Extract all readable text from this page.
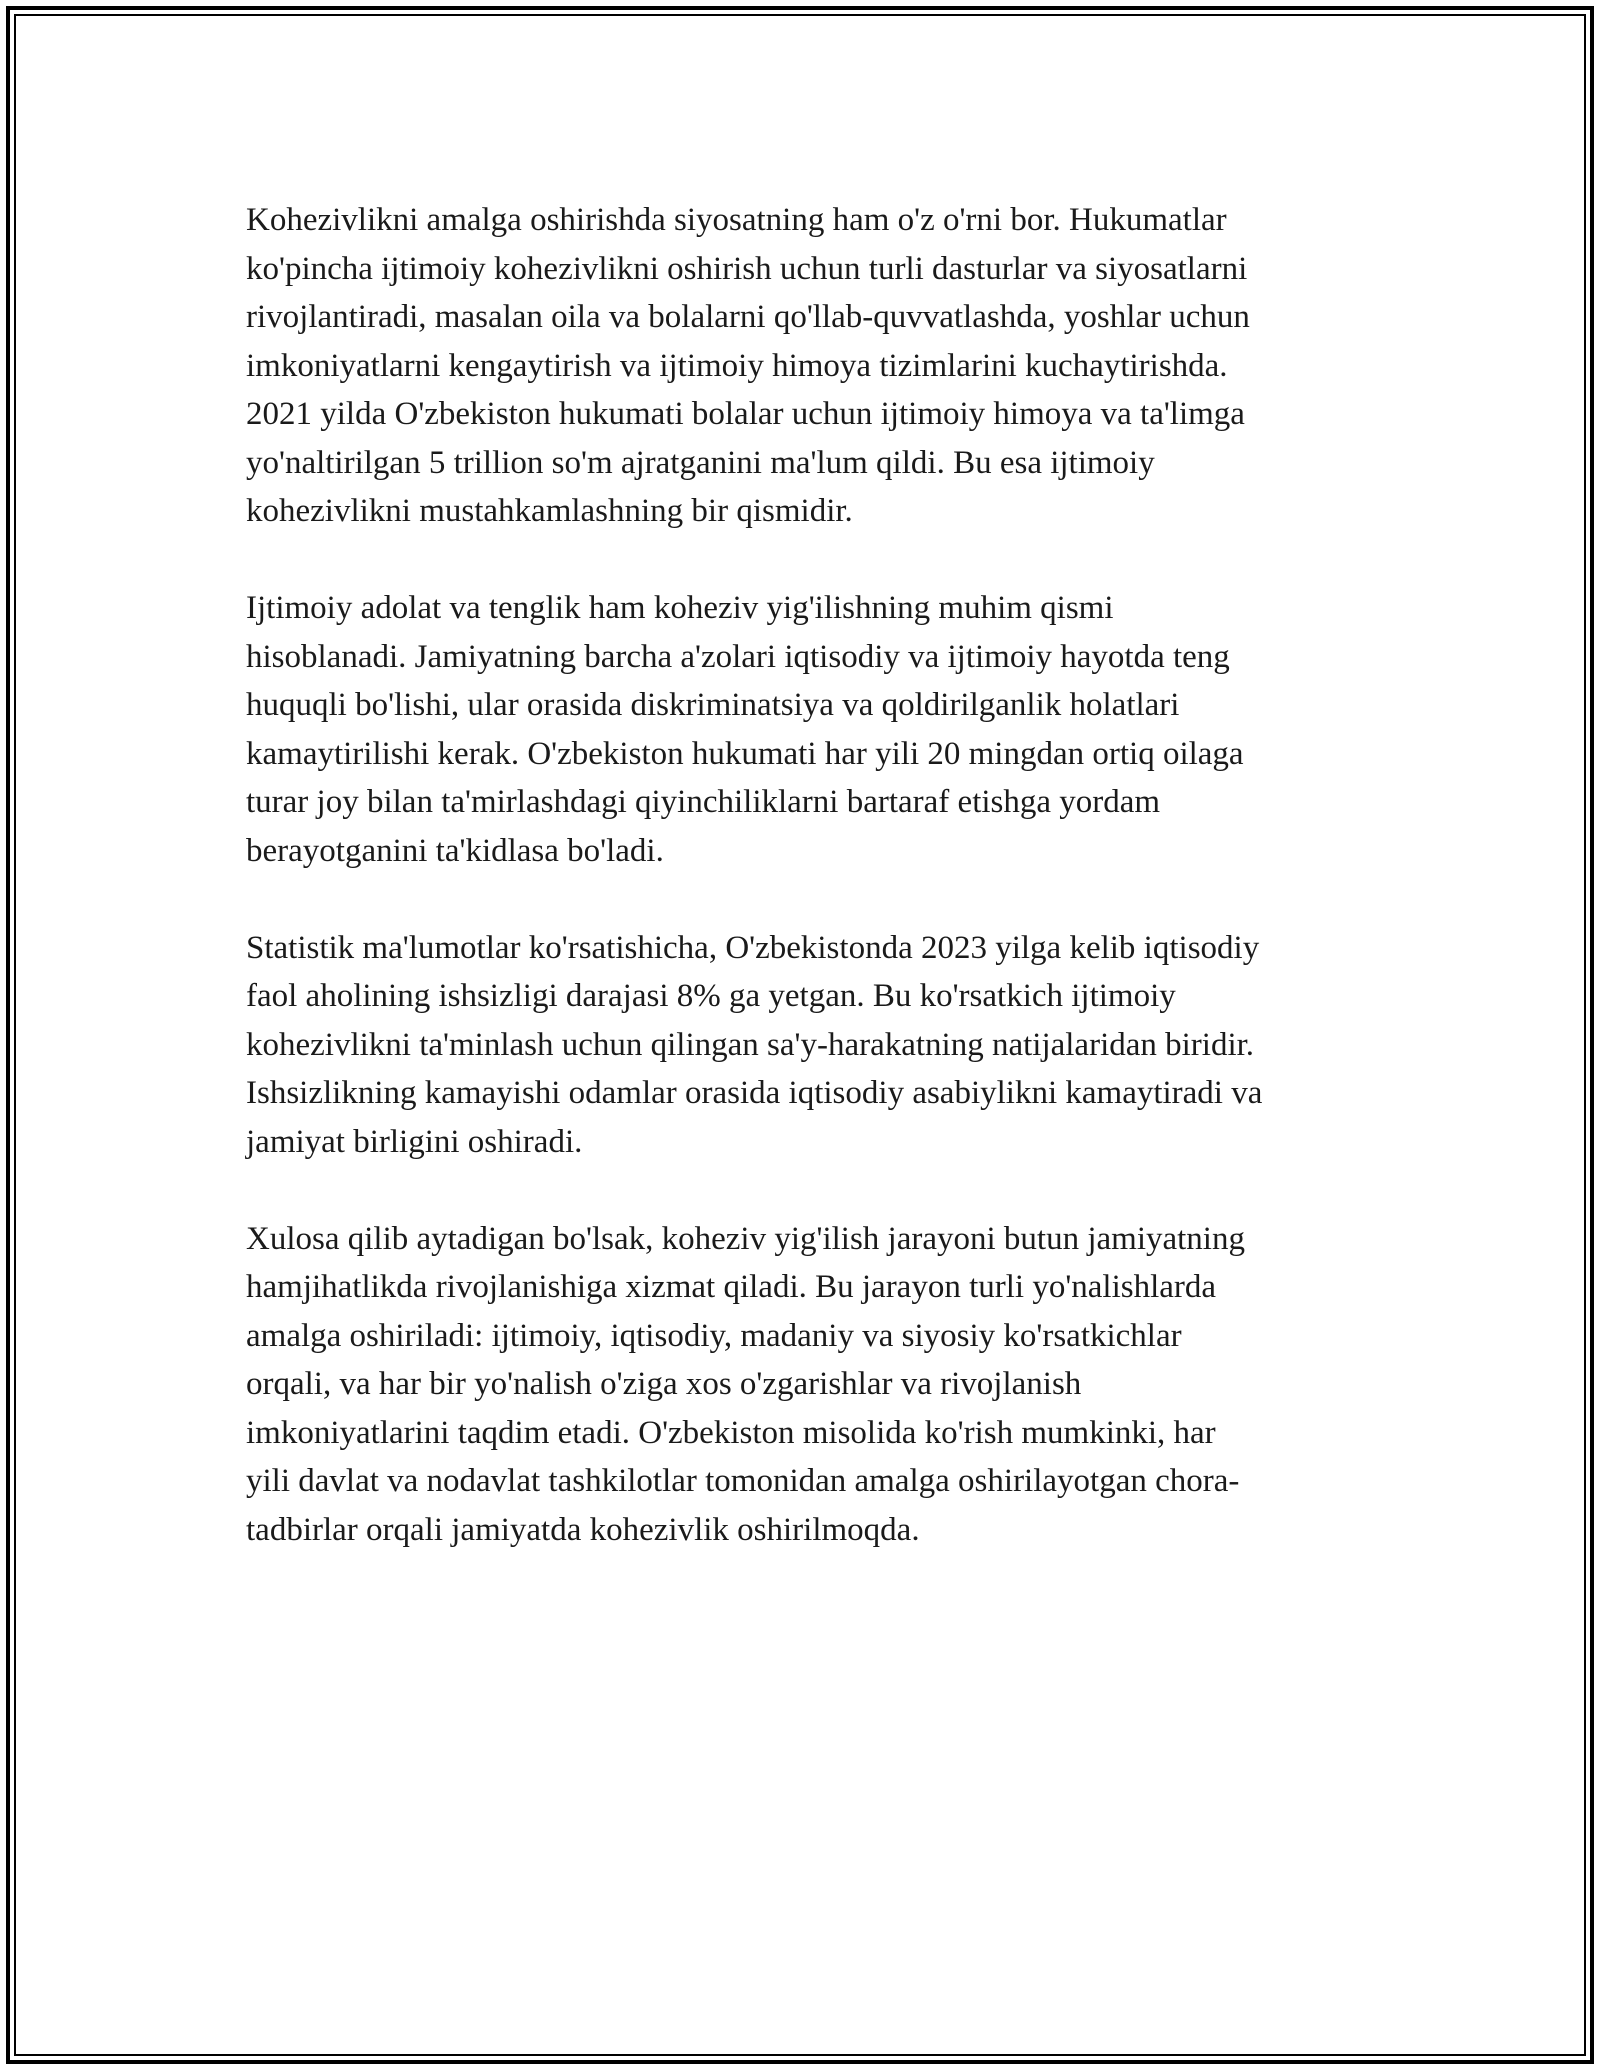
Kohezivlikni amalga oshirishda siyosatning ham o'z o'rni bor. Hukumatlar
ko'pincha ijtimoiy kohezivlikni oshirish uchun turli dasturlar va siyosatlarni
rivojlantiradi, masalan oila va bolalarni qo'llab-quvvatlashda, yoshlar uchun
imkoniyatlarni kengaytirish va ijtimoiy himoya tizimlarini kuchaytirishda.
2021 yilda O'zbekiston hukumati bolalar uchun ijtimoiy himoya va ta'limga
yo'naltirilgan 5 trillion so'm ajratganini ma'lum qildi. Bu esa ijtimoiy
kohezivlikni mustahkamlashning bir qismidir.

Ijtimoiy adolat va tenglik ham koheziv yig'ilishning muhim qismi
hisoblanadi. Jamiyatning barcha a'zolari iqtisodiy va ijtimoiy hayotda teng
huquqli bo'lishi, ular orasida diskriminatsiya va qoldirilganlik holatlari
kamaytirilishi kerak. O'zbekiston hukumati har yili 20 mingdan ortiq oilaga
turar joy bilan ta'mirlashdagi qiyinchiliklarni bartaraf etishga yordam
berayotganini ta'kidlasa bo'ladi.

Statistik ma'lumotlar ko'rsatishicha, O'zbekistonda 2023 yilga kelib iqtisodiy
faol aholining ishsizligi darajasi 8% ga yetgan. Bu ko'rsatkich ijtimoiy
kohezivlikni ta'minlash uchun qilingan sa'y-harakatning natijalaridan biridir.
Ishsizlikning kamayishi odamlar orasida iqtisodiy asabiylikni kamaytiradi va
jamiyat birligini oshiradi.

Xulosa qilib aytadigan bo'lsak, koheziv yig'ilish jarayoni butun jamiyatning
hamjihatlikda rivojlanishiga xizmat qiladi. Bu jarayon turli yo'nalishlarda
amalga oshiriladi: ijtimoiy, iqtisodiy, madaniy va siyosiy ko'rsatkichlar
orqali, va har bir yo'nalish o'ziga xos o'zgarishlar va rivojlanish
imkoniyatlarini taqdim etadi. O'zbekiston misolida ko'rish mumkinki, har
yili davlat va nodavlat tashkilotlar tomonidan amalga oshirilayotgan chora-
tadbirlar orqali jamiyatda kohezivlik oshirilmoqda.
